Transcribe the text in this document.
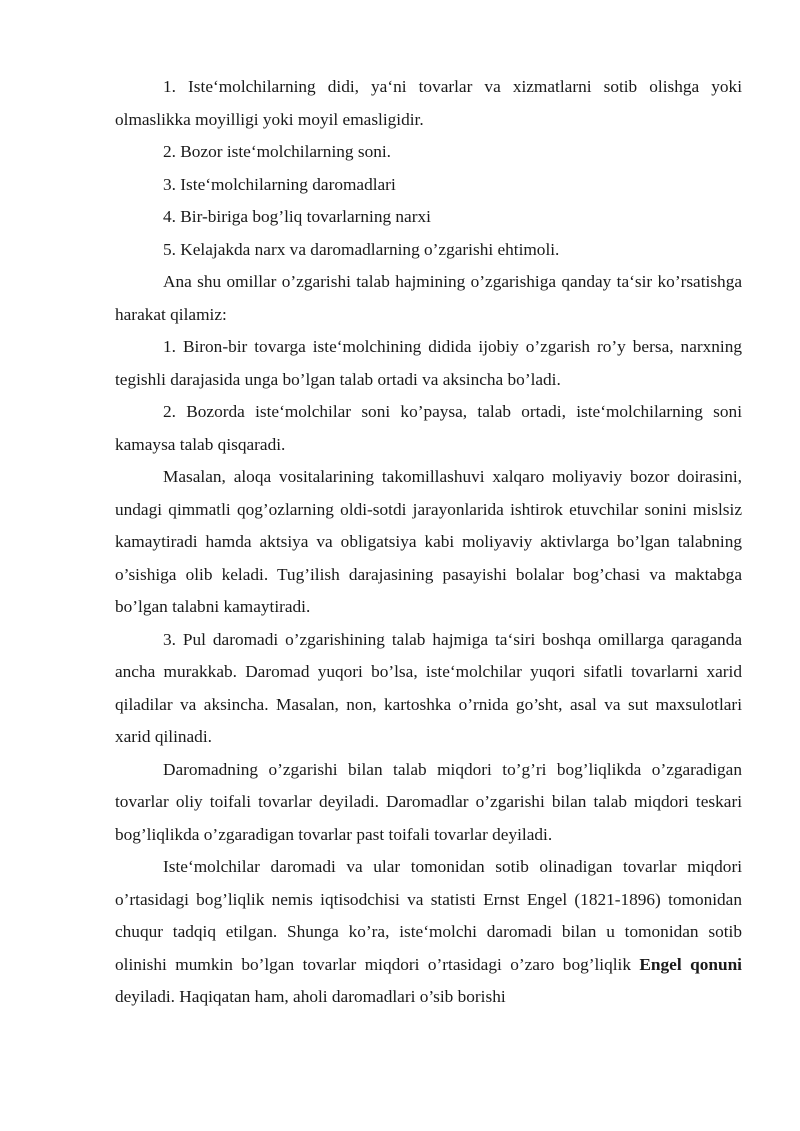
1. Iste‘molchilarning didi, ya‘ni tovarlar va xizmatlarni sotib olishga yoki olmaslikka moyilligi yoki moyil emasligidir.

2. Bozor iste‘molchilarning soni.

3. Iste‘molchilarning daromadlari

4. Bir-biriga bog’liq tovarlarning narxi

5. Kelajakda narx va daromadlarning o’zgarishi ehtimoli.

Ana shu omillar o’zgarishi talab hajmining o’zgarishiga qanday ta‘sir ko’rsatishga harakat qilamiz:

1. Biron-bir tovarga iste‘molchining didida ijobiy o’zgarish ro’y bersa, narxning tegishli darajasida unga bo’lgan talab ortadi va aksincha bo’ladi.

2. Bozorda iste‘molchilar soni ko’paysa, talab ortadi, iste‘molchilarning soni kamaysa talab qisqaradi.

Masalan, aloqa vositalarining takomillashuvi xalqaro moliyaviy bozor doirasini, undagi qimmatli qog’ozlarning oldi-sotdi jarayonlarida ishtirok etuvchilar sonini mislsiz kamaytiradi hamda aktsiya va obligatsiya kabi moliyaviy aktivlarga bo’lgan talabning o’sishiga olib keladi. Tug’ilish darajasining pasayishi bolalar bog’chasi va maktabga bo’lgan talabni kamaytiradi.

3. Pul daromadi o’zgarishining talab hajmiga ta‘siri boshqa omillarga qaraganda ancha murakkab. Daromad yuqori bo’lsa, iste‘molchilar yuqori sifatli tovarlarni xarid qiladilar va aksincha. Masalan, non, kartoshka o’rnida go’sht, asal va sut maxsulotlari xarid qilinadi.

Daromadning o’zgarishi bilan talab miqdori to’g’ri bog’liqlikda o’zgaradigan tovarlar oliy toifali tovarlar deyiladi. Daromadlar o’zgarishi bilan talab miqdori teskari bog’liqlikda o’zgaradigan tovarlar past toifali tovarlar deyiladi.

Iste‘molchilar daromadi va ular tomonidan sotib olinadigan tovarlar miqdori o’rtasidagi bog’liqlik nemis iqtisodchisi va statisti Ernst Engel (1821-1896) tomonidan chuqur tadqiq etilgan. Shunga ko’ra, iste‘molchi daromadi bilan u tomonidan sotib olinishi mumkin bo’lgan tovarlar miqdori o’rtasidagi o’zaro bog’liqlik Engel qonuni deyiladi. Haqiqatan ham, aholi daromadlari o’sib borishi
